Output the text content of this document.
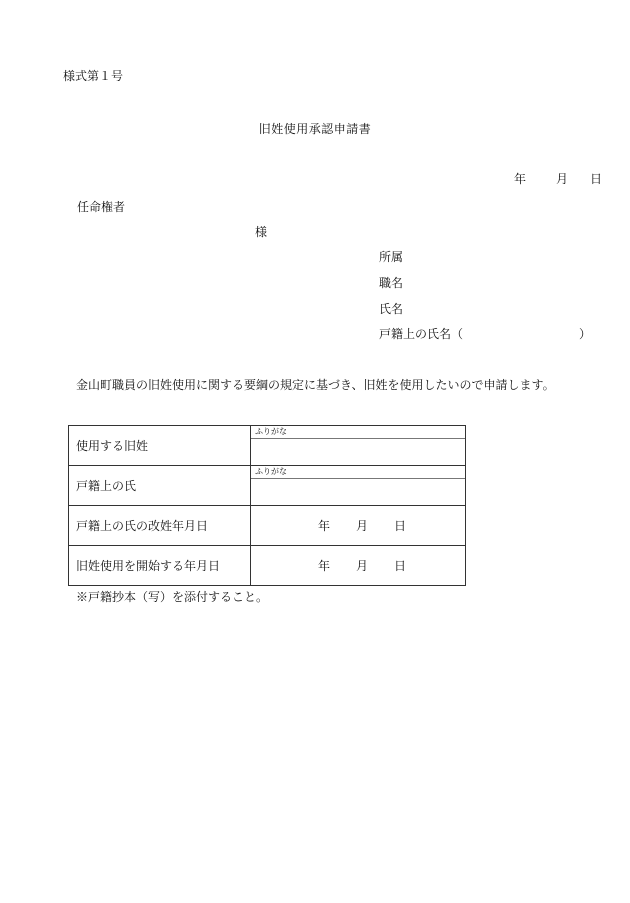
様式第１号
旧姓使用承認申請書
年	月 日
任命権者
様
所属
職名
氏名
戸籍上の氏名（	）
金山町職員の旧姓使用に関する要綱の規定に基づき、旧姓を使用したいので申請します。
使用する旧姓	ふりがな

戸籍上の氏	ふりがな

戸籍上の氏の改姓年月日	年 月 日

旧姓使用を開始する年月日	年 月 日
※戸籍抄本（写）を添付すること。
